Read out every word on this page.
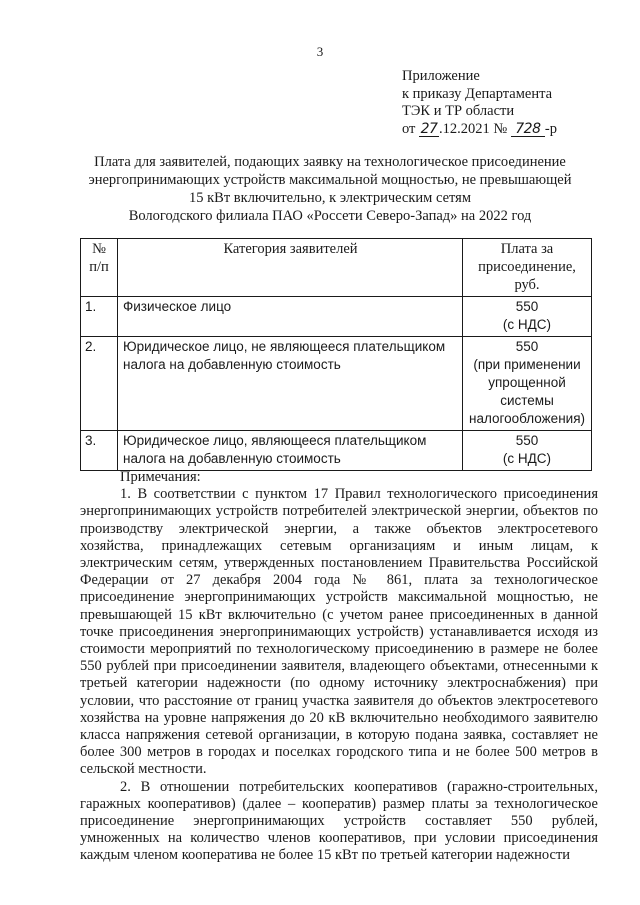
3
Приложение
к приказу Департамента
ТЭК и ТР области
от 27 .12.2021 № 728 -р
Плата для заявителей, подающих заявку на технологическое присоединение
энергопринимающих устройств максимальной мощностью, не превышающей
15 кВт включительно, к электрическим сетям
Вологодского филиала ПАО «Россети Северо-Запад» на 2022 год
№
п/п	Категория заявителей	Плата за
присоединение,
руб.

1.	Физическое лицо	550
(с НДС)

2.	Юридическое лицо, не являющееся плательщиком
налога на добавленную стоимость	550
(при применении
упрощенной
системы
налогообложения)

3.	Юридическое лицо, являющееся плательщиком
налога на добавленную стоимость	550
(с НДС)
Примечания:

1. В соответствии с пунктом 17 Правил технологического присоединения
энергопринимающих устройств потребителей электрической энергии, объектов по
производству электрической энергии, а также объектов электросетевого
хозяйства, принадлежащих сетевым организациям и иным лицам, к
электрическим сетям, утвержденных постановлением Правительства Российской
Федерации от 27 декабря 2004 года № 861, плата за технологическое
присоединение энергопринимающих устройств максимальной мощностью, не
превышающей 15 кВт включительно (с учетом ранее присоединенных в данной
точке присоединения энергопринимающих устройств) устанавливается исходя из
стоимости мероприятий по технологическому присоединению в размере не более
550 рублей при присоединении заявителя, владеющего объектами, отнесенными к
третьей категории надежности (по одному источнику электроснабжения) при
условии, что расстояние от границ участка заявителя до объектов электросетевого
хозяйства на уровне напряжения до 20 кВ включительно необходимого заявителю
класса напряжения сетевой организации, в которую подана заявка, составляет не
более 300 метров в городах и поселках городского типа и не более 500 метров в
сельской местности.

2. В отношении потребительских кооперативов (гаражно-строительных,
гаражных кооперативов) (далее – кооператив) размер платы за технологическое
присоединение энергопринимающих устройств составляет 550 рублей,
умноженных на количество членов кооперативов, при условии присоединения
каждым членом кооператива не более 15 кВт по третьей категории надежности
